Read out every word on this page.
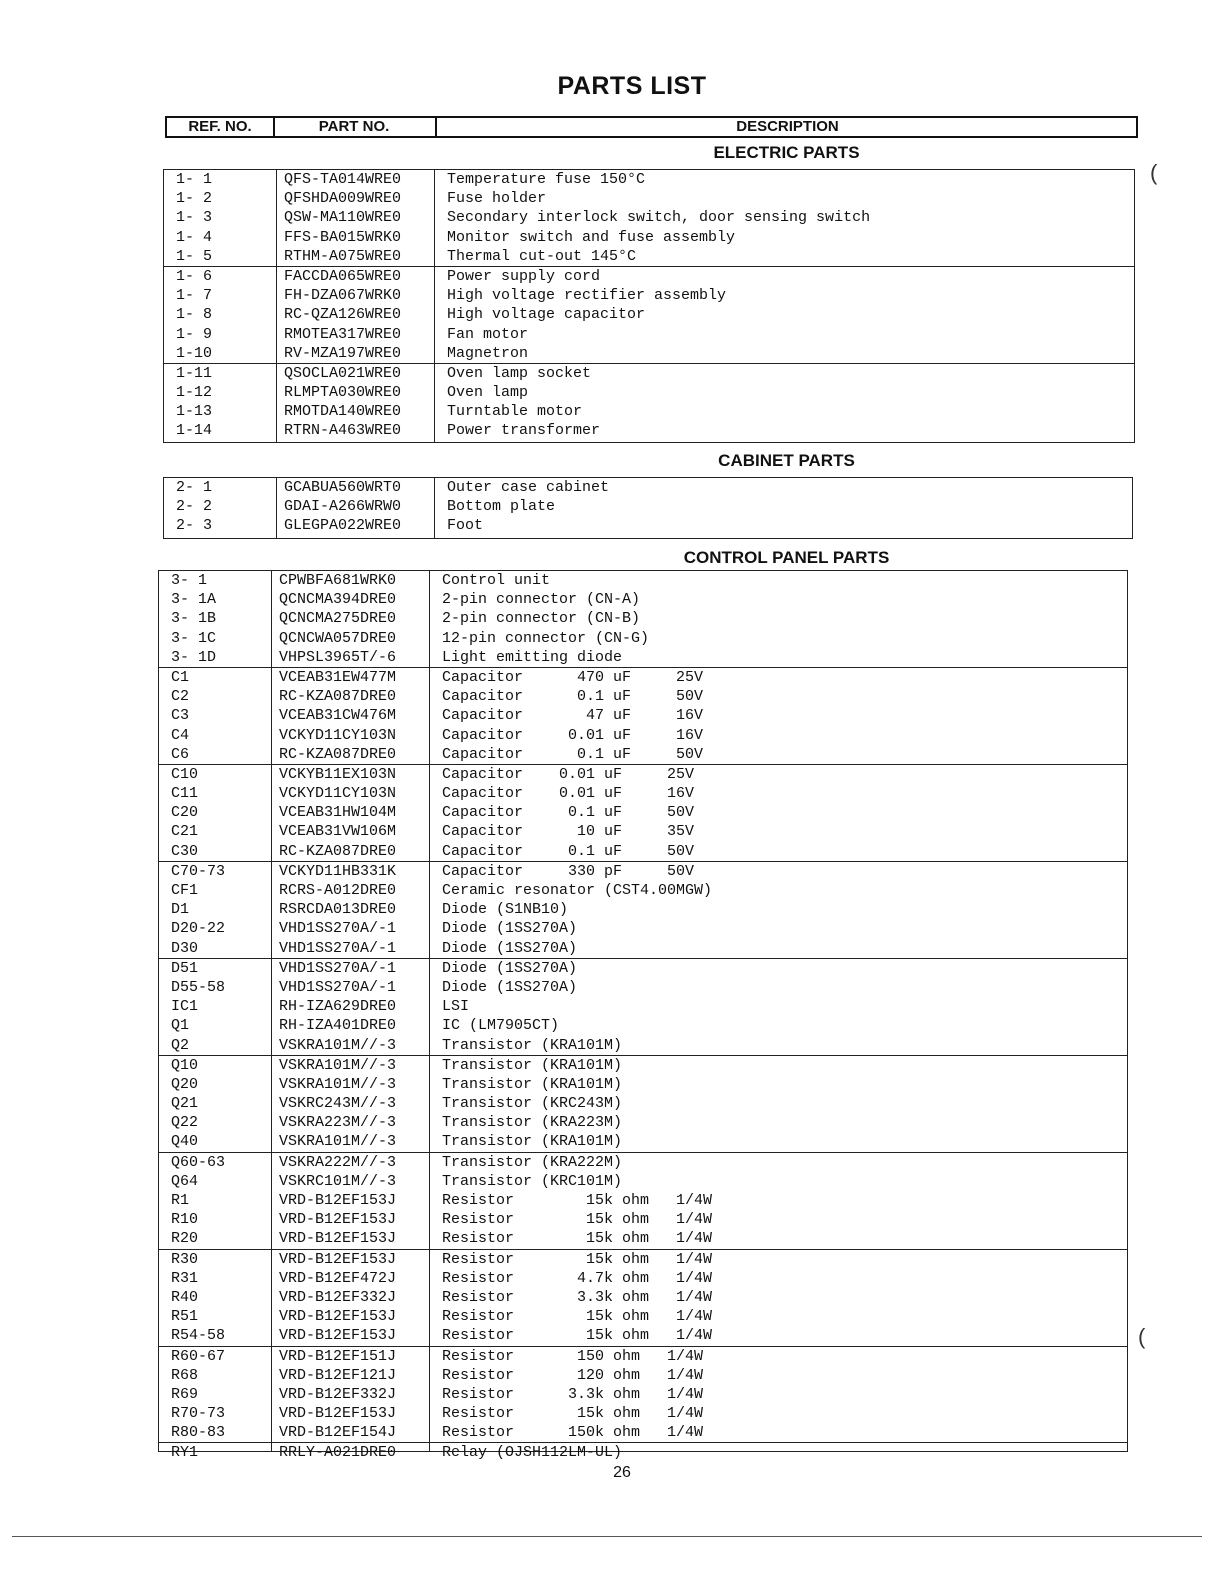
PARTS LIST
REF. NO.	PART NO.	DESCRIPTION
ELECTRIC PARTS
1- 1	QFS-TA014WRE0	Temperature fuse 150°C
1- 2	QFSHDA009WRE0	Fuse holder
1- 3	QSW-MA110WRE0	Secondary interlock switch, door sensing switch
1- 4	FFS-BA015WRK0	Monitor switch and fuse assembly
1- 5	RTHM-A075WRE0	Thermal cut-out 145°C
1- 6	FACCDA065WRE0	Power supply cord
1- 7	FH-DZA067WRK0	High voltage rectifier assembly
1- 8	RC-QZA126WRE0	High voltage capacitor
1- 9	RMOTEA317WRE0	Fan motor
1-10	RV-MZA197WRE0	Magnetron
1-11	QSOCLA021WRE0	Oven lamp socket
1-12	RLMPTA030WRE0	Oven lamp
1-13	RMOTDA140WRE0	Turntable motor
1-14	RTRN-A463WRE0	Power transformer
CABINET PARTS
2- 1	GCABUA560WRT0	Outer case cabinet
2- 2	GDAI-A266WRW0	Bottom plate
2- 3	GLEGPA022WRE0	Foot
CONTROL PANEL PARTS
3- 1	CPWBFA681WRK0	Control unit
3- 1A	QCNCMA394DRE0	2-pin connector (CN-A)
3- 1B	QCNCMA275DRE0	2-pin connector (CN-B)
3- 1C	QCNCWA057DRE0	12-pin connector (CN-G)
3- 1D	VHPSL3965T/-6	Light emitting diode
C1	VCEAB31EW477M	Capacitor      470 uF     25V
C2	RC-KZA087DRE0	Capacitor      0.1 uF     50V
C3	VCEAB31CW476M	Capacitor       47 uF     16V
C4	VCKYD11CY103N	Capacitor     0.01 uF     16V
C6	RC-KZA087DRE0	Capacitor      0.1 uF     50V
C10	VCKYB11EX103N	Capacitor    0.01 uF     25V
C11	VCKYD11CY103N	Capacitor    0.01 uF     16V
C20	VCEAB31HW104M	Capacitor     0.1 uF     50V
C21	VCEAB31VW106M	Capacitor      10 uF     35V
C30	RC-KZA087DRE0	Capacitor     0.1 uF     50V
C70-73	VCKYD11HB331K	Capacitor     330 pF     50V
CF1	RCRS-A012DRE0	Ceramic resonator (CST4.00MGW)
D1	RSRCDA013DRE0	Diode (S1NB10)
D20-22	VHD1SS270A/-1	Diode (1SS270A)
D30	VHD1SS270A/-1	Diode (1SS270A)
D51	VHD1SS270A/-1	Diode (1SS270A)
D55-58	VHD1SS270A/-1	Diode (1SS270A)
IC1	RH-IZA629DRE0	LSI
Q1	RH-IZA401DRE0	IC (LM7905CT)
Q2	VSKRA101M//-3	Transistor (KRA101M)
Q10	VSKRA101M//-3	Transistor (KRA101M)
Q20	VSKRA101M//-3	Transistor (KRA101M)
Q21	VSKRC243M//-3	Transistor (KRC243M)
Q22	VSKRA223M//-3	Transistor (KRA223M)
Q40	VSKRA101M//-3	Transistor (KRA101M)
Q60-63	VSKRA222M//-3	Transistor (KRA222M)
Q64	VSKRC101M//-3	Transistor (KRC101M)
R1	VRD-B12EF153J	Resistor        15k ohm   1/4W
R10	VRD-B12EF153J	Resistor        15k ohm   1/4W
R20	VRD-B12EF153J	Resistor        15k ohm   1/4W
R30	VRD-B12EF153J	Resistor        15k ohm   1/4W
R31	VRD-B12EF472J	Resistor       4.7k ohm   1/4W
R40	VRD-B12EF332J	Resistor       3.3k ohm   1/4W
R51	VRD-B12EF153J	Resistor        15k ohm   1/4W
R54-58	VRD-B12EF153J	Resistor        15k ohm   1/4W
R60-67	VRD-B12EF151J	Resistor       150 ohm   1/4W
R68	VRD-B12EF121J	Resistor       120 ohm   1/4W
R69	VRD-B12EF332J	Resistor      3.3k ohm   1/4W
R70-73	VRD-B12EF153J	Resistor       15k ohm   1/4W
R80-83	VRD-B12EF154J	Resistor      150k ohm   1/4W
RY1	RRLY-A021DRE0	Relay (OJSH112LM-UL)
26
(
(
